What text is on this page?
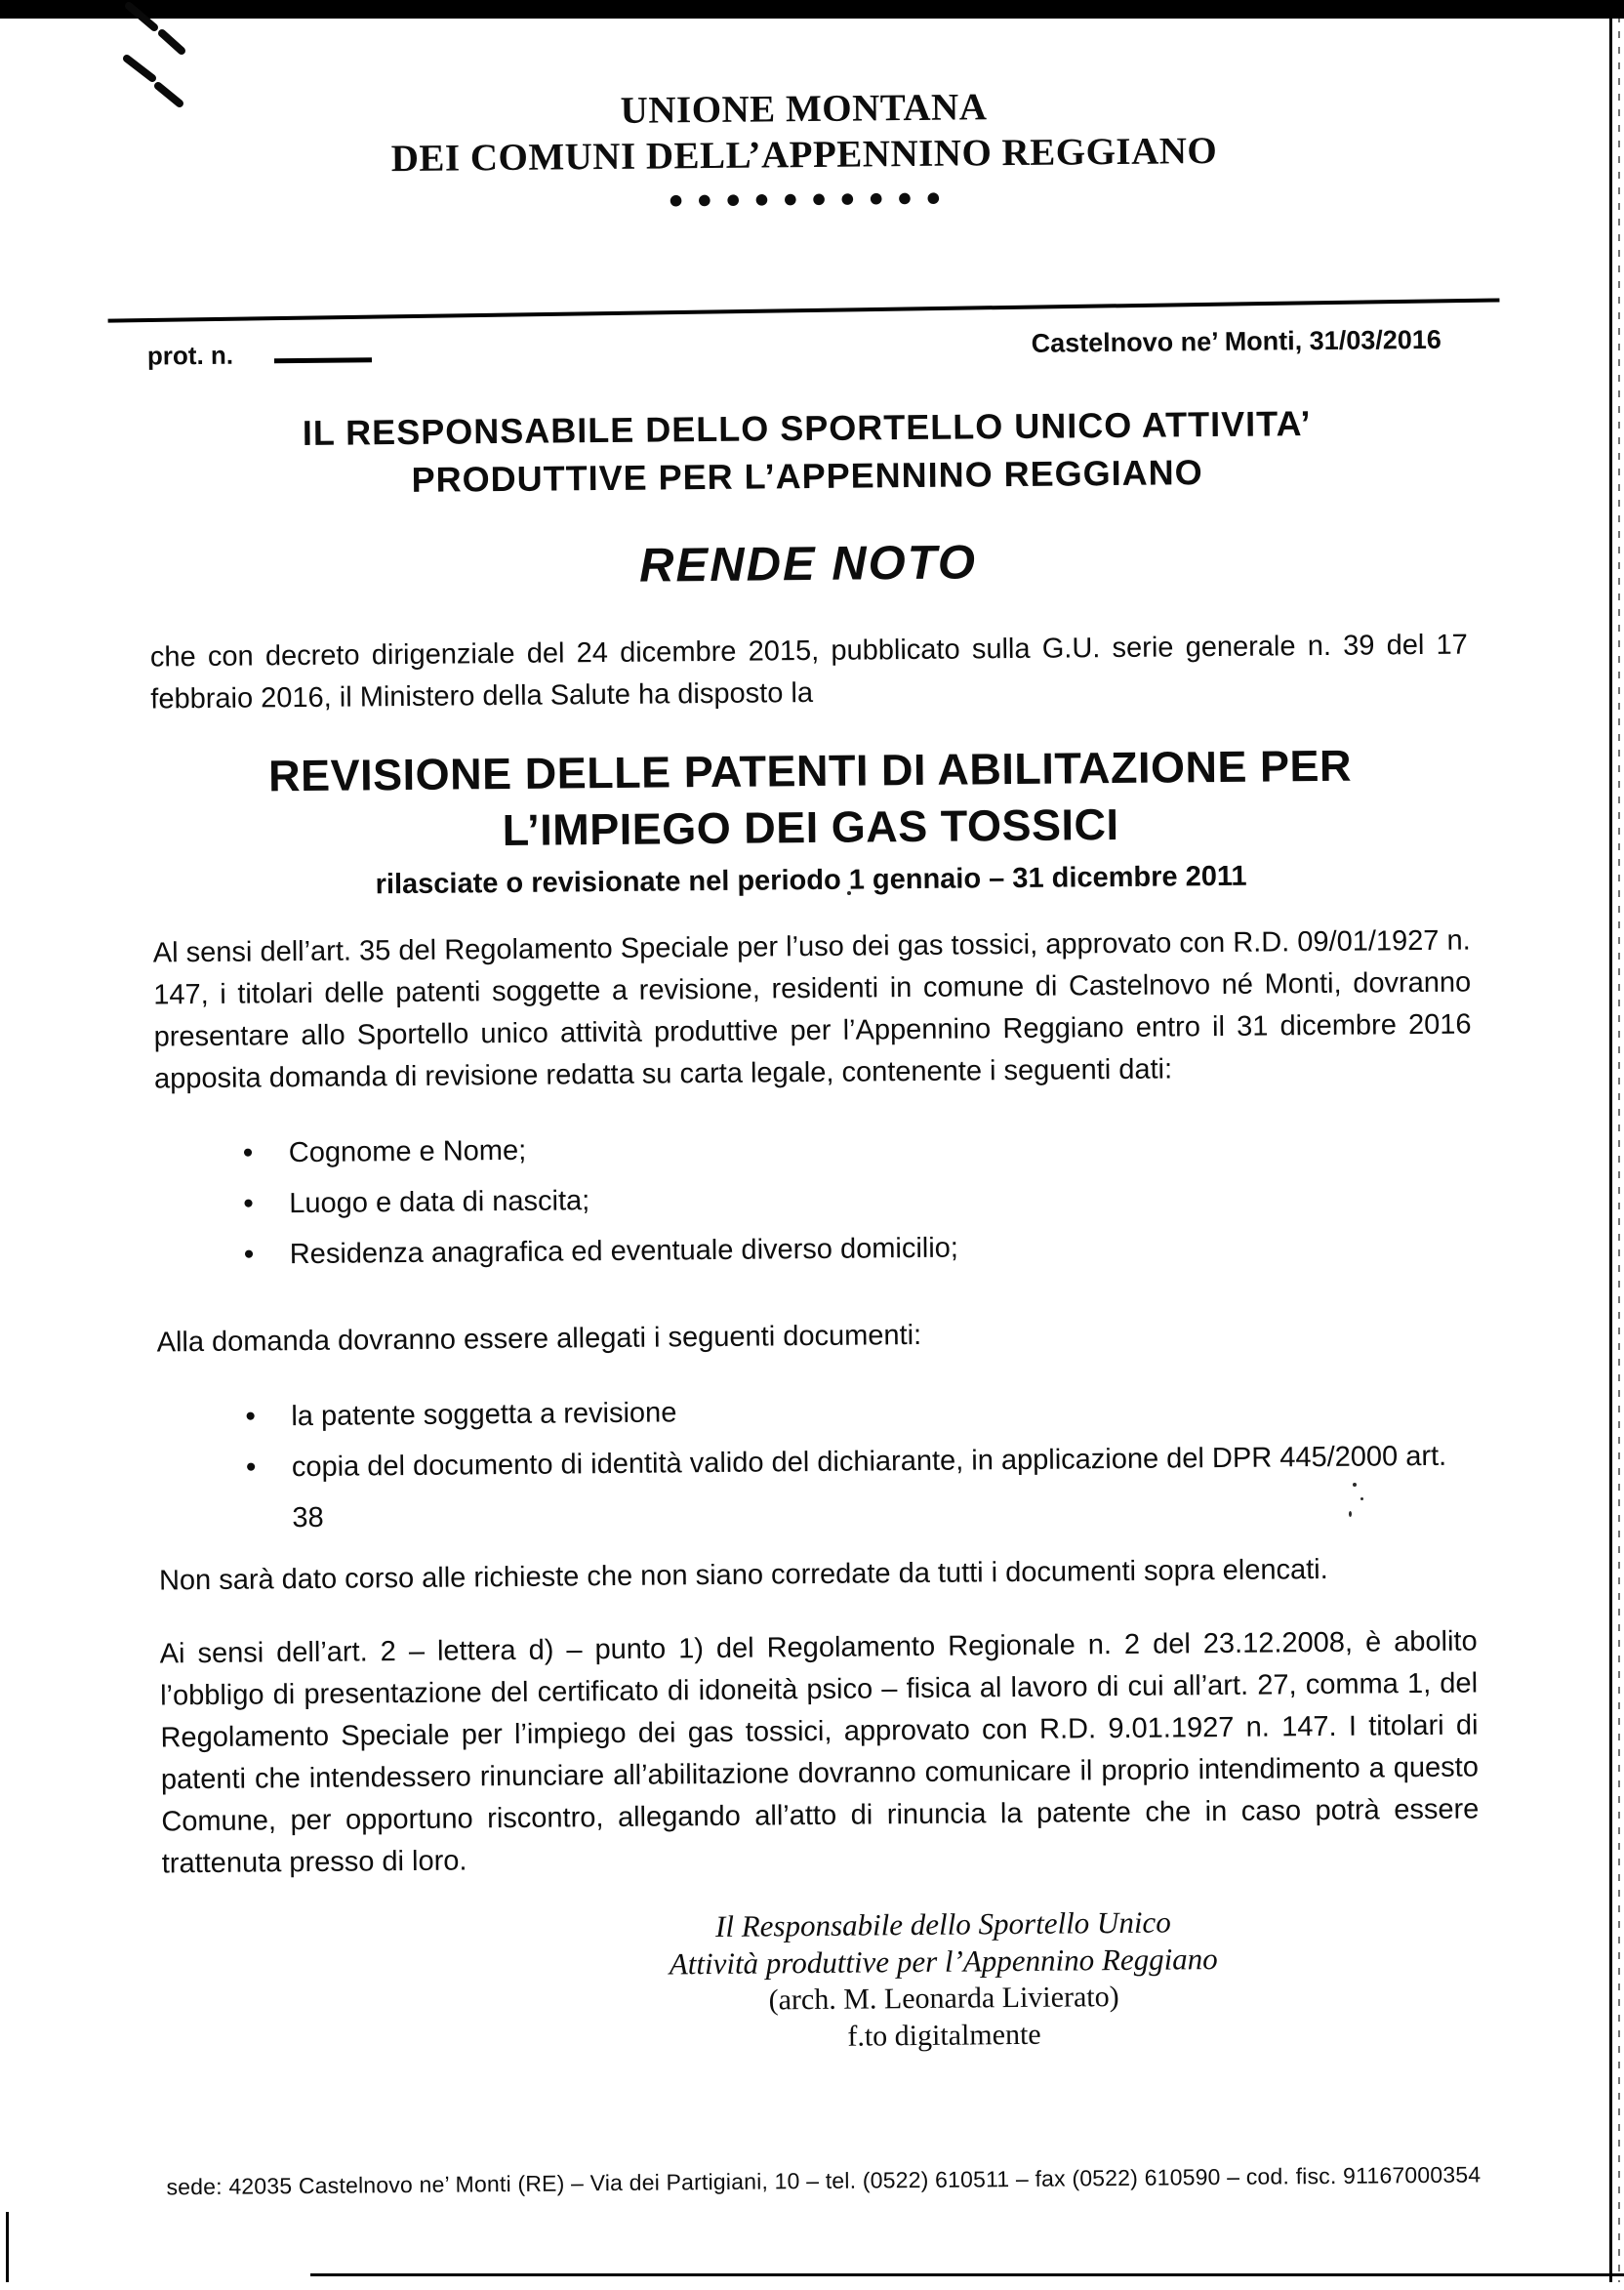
UNIONE MONTANA
DEI COMUNI DELL’APPENNINO REGGIANO
●●●●●●●●●●
prot. n.	Castelnovo ne’ Monti, 31/03/2016
IL RESPONSABILE DELLO SPORTELLO UNICO ATTIVITA’
PRODUTTIVE PER L’APPENNINO REGGIANO
RENDE NOTO

che con decreto dirigenziale del 24 dicembre 2015, pubblicato sulla G.U. serie generale n. 39 del 17 febbraio 2016, il Ministero della Salute ha disposto la

REVISIONE DELLE PATENTI DI ABILITAZIONE PER
L’IMPIEGO DEI GAS TOSSICI
rilasciate o revisionate nel periodo 1 gennaio – 31 dicembre 2011

Al sensi dell’art. 35 del Regolamento Speciale per l’uso dei gas tossici, approvato con R.D. 09/01/1927 n. 147, i titolari delle patenti soggette a revisione, residenti in comune di Castelnovo né Monti, dovranno presentare allo Sportello unico attività produttive per l’Appennino Reggiano entro il 31 dicembre 2016 apposita domanda di revisione redatta su carta legale, contenente i seguenti dati:

•	Cognome e Nome;
•	Luogo e data di nascita;
•	Residenza anagrafica ed eventuale diverso domicilio;

Alla domanda dovranno essere allegati i seguenti documenti:

•	la patente soggetta a revisione
•	copia del documento di identità valido del dichiarante, in applicazione del DPR 445/2000 art. 38

Non sarà dato corso alle richieste che non siano corredate da tutti i documenti sopra elencati.

Ai sensi dell’art. 2 – lettera d) – punto 1) del Regolamento Regionale n. 2 del 23.12.2008, è abolito l’obbligo di presentazione del certificato di idoneità psico – fisica al lavoro di cui all’art. 27, comma 1, del Regolamento Speciale per l’impiego dei gas tossici, approvato con R.D. 9.01.1927 n. 147. I titolari di patenti che intendessero rinunciare all’abilitazione dovranno comunicare il proprio intendimento a questo Comune, per opportuno riscontro, allegando all’atto di rinuncia la patente che in caso potrà essere trattenuta presso di loro.

Il Responsabile dello Sportello Unico
Attività produttive per l’Appennino Reggiano
(arch. M. Leonarda Livierato)
f.to digitalmente
sede: 42035 Castelnovo ne’ Monti (RE) – Via dei Partigiani, 10 – tel. (0522) 610511 – fax (0522) 610590 – cod. fisc. 91167000354
